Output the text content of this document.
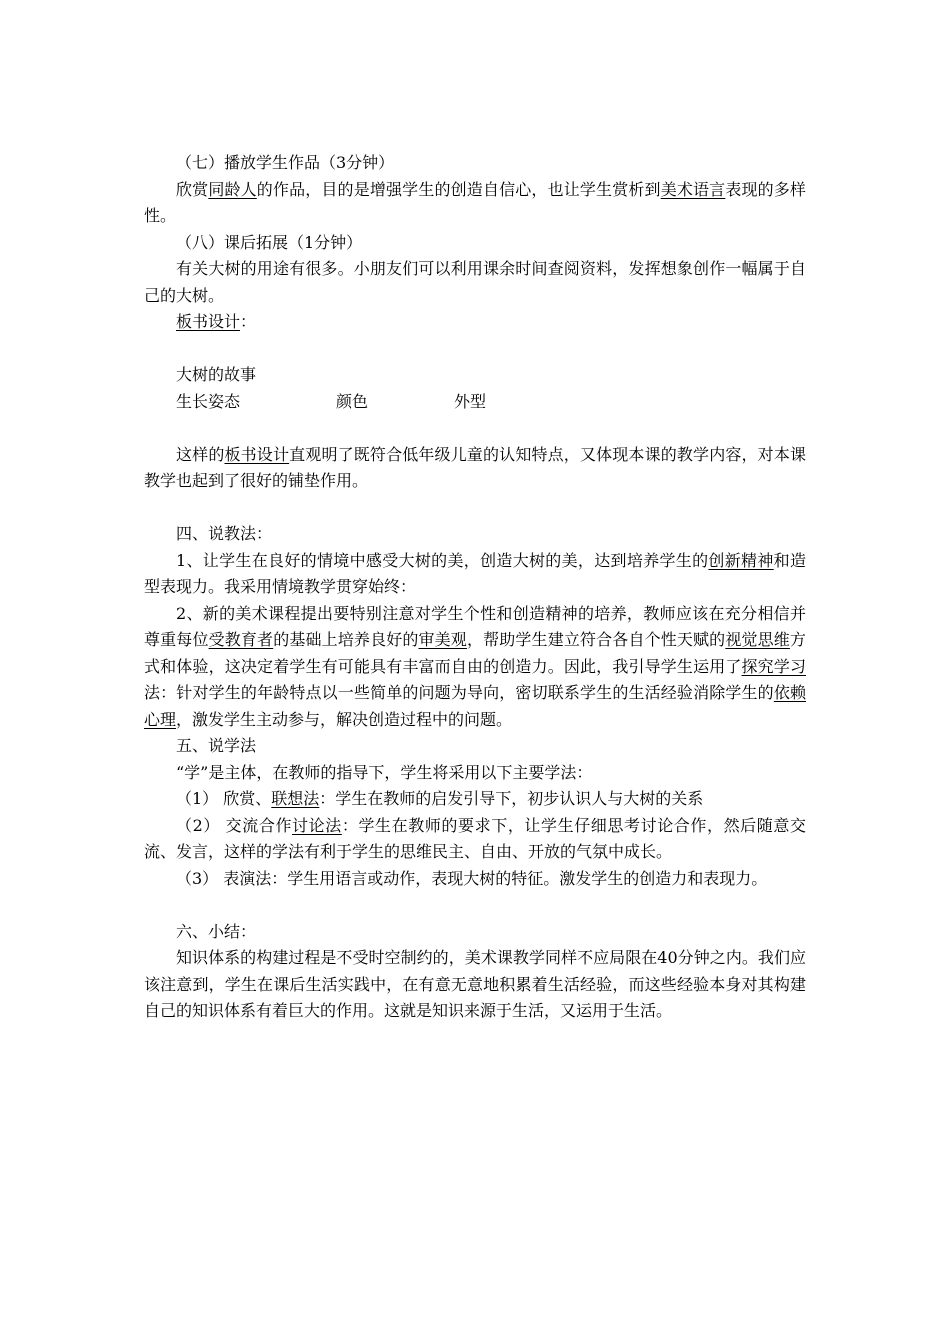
（七）播放学生作品（3分钟）

欣赏同龄人的作品，目的是增强学生的创造自信心，也让学生赏析到美术语言表现的多样性。

（八）课后拓展（1分钟）

有关大树的用途有很多。小朋友们可以利用课余时间查阅资料，发挥想象创作一幅属于自己的大树。

板书设计：

大树的故事

生长姿态	颜色	外型

这样的板书设计直观明了既符合低年级儿童的认知特点，又体现本课的教学内容，对本课教学也起到了很好的铺垫作用。

四、说教法：

1、让学生在良好的情境中感受大树的美，创造大树的美，达到培养学生的创新精神和造型表现力。我采用情境教学贯穿始终：

2、新的美术课程提出要特别注意对学生个性和创造精神的培养，教师应该在充分相信并尊重每位受教育者的基础上培养良好的审美观，帮助学生建立符合各自个性天赋的视觉思维方式和体验，这决定着学生有可能具有丰富而自由的创造力。因此，我引导学生运用了探究学习法：针对学生的年龄特点以一些简单的问题为导向，密切联系学生的生活经验消除学生的依赖心理，激发学生主动参与，解决创造过程中的问题。

五、说学法

“学”是主体，在教师的指导下，学生将采用以下主要学法：

（1） 欣赏、联想法：学生在教师的启发引导下，初步认识人与大树的关系

（2） 交流合作讨论法：学生在教师的要求下，让学生仔细思考讨论合作，然后随意交流、发言，这样的学法有利于学生的思维民主、自由、开放的气氛中成长。

（3） 表演法：学生用语言或动作，表现大树的特征。激发学生的创造力和表现力。

六、小结：

知识体系的构建过程是不受时空制约的，美术课教学同样不应局限在40分钟之内。我们应该注意到，学生在课后生活实践中，在有意无意地积累着生活经验，而这些经验本身对其构建自己的知识体系有着巨大的作用。这就是知识来源于生活，又运用于生活。
